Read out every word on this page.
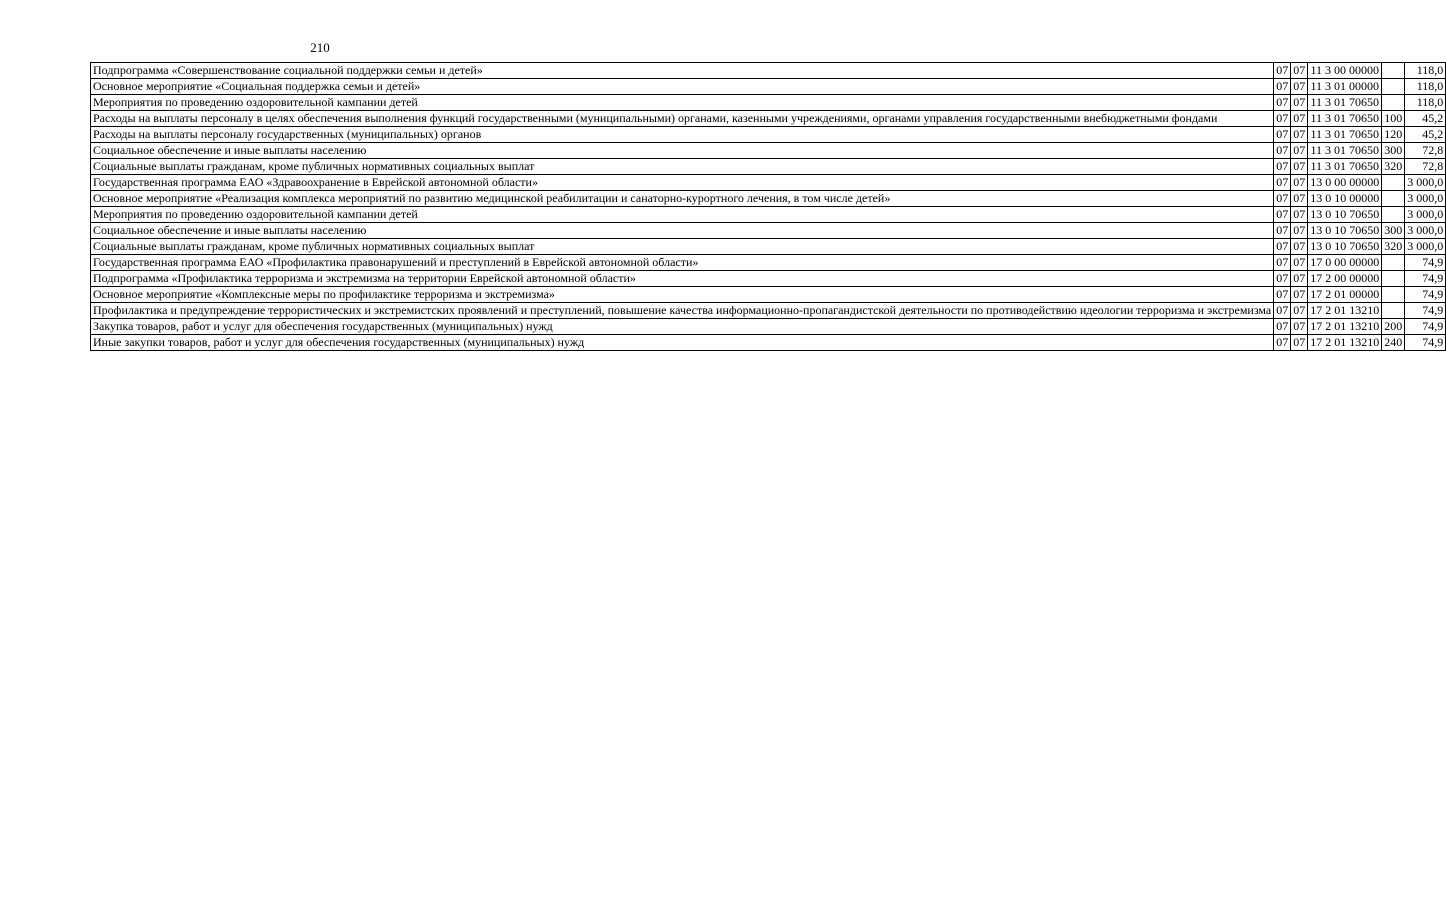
210
Подпрограмма «Совершенствование социальной поддержки семьи и детей»	07	07	11 3 00 00000		118,0
Основное мероприятие «Социальная поддержка семьи и детей»	07	07	11 3 01 00000		118,0
Мероприятия по проведению оздоровительной кампании детей	07	07	11 3 01 70650		118,0
Расходы на выплаты персоналу в целях обеспечения выполнения функций государственными (муниципальными) органами, казенными учреждениями, органами управления государственными внебюджетными фондами	07	07	11 3 01 70650	100	45,2
Расходы на выплаты персоналу государственных (муниципальных) органов	07	07	11 3 01 70650	120	45,2
Социальное обеспечение и иные выплаты населению	07	07	11 3 01 70650	300	72,8
Социальные выплаты гражданам, кроме публичных нормативных социальных выплат	07	07	11 3 01 70650	320	72,8
Государственная программа ЕАО «Здравоохранение в Еврейской автономной области»	07	07	13 0 00 00000		3 000,0
Основное мероприятие «Реализация комплекса мероприятий по развитию медицинской реабилитации и санаторно-курортного лечения, в том числе детей»	07	07	13 0 10 00000		3 000,0
Мероприятия по проведению оздоровительной кампании детей	07	07	13 0 10 70650		3 000,0
Социальное обеспечение и иные выплаты населению	07	07	13 0 10 70650	300	3 000,0
Социальные выплаты гражданам, кроме публичных нормативных социальных выплат	07	07	13 0 10 70650	320	3 000,0
Государственная программа ЕАО «Профилактика правонарушений и преступлений в Еврейской автономной области»	07	07	17 0 00 00000		74,9
Подпрограмма «Профилактика терроризма и экстремизма на территории Еврейской автономной области»	07	07	17 2 00 00000		74,9
Основное мероприятие «Комплексные меры по профилактике терроризма и экстремизма»	07	07	17 2 01 00000		74,9
Профилактика и предупреждение террористических и экстремистских проявлений и преступлений, повышение качества информационно-пропагандистской деятельности по противодействию идеологии терроризма и экстремизма	07	07	17 2 01 13210		74,9
Закупка товаров, работ и услуг для обеспечения государственных (муниципальных) нужд	07	07	17 2 01 13210	200	74,9
Иные закупки товаров, работ и услуг для обеспечения государственных (муниципальных) нужд	07	07	17 2 01 13210	240	74,9
